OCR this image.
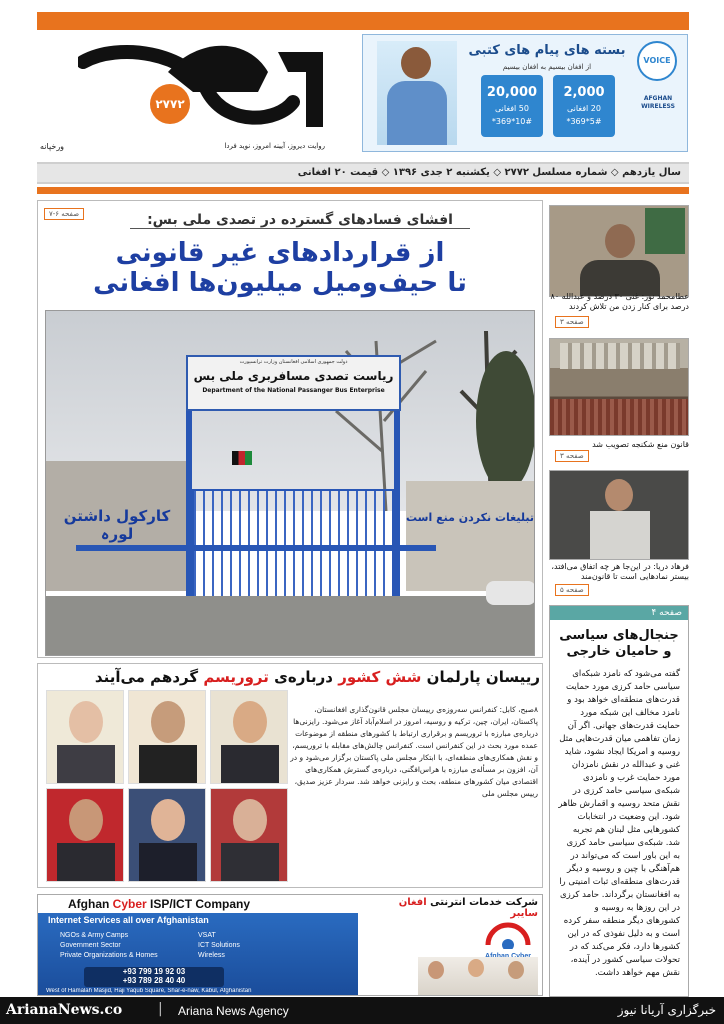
۲۷۷۲
روایت دیروز، آیینه امروز، نوید فردا
ورخپانه
بسته های پیام های کتبی
از افغان بیسیم به افغان بیسیم
20,000
50 افغانی
*369*10#
2,000
20 افغانی
*369*5#
VOICE
AFGHAN WIRELESS
سال یازدهم ◇ شماره مسلسل ۲۷۷۲ ◇ یکشنبه ۲ جدی ۱۳۹۶ ◇ قیمت ۲۰ افغانی
صفحه ۶-۷	افشای فسادهای گسترده در تصدی ملی بس:
از قراردادهای غیر قانونی
تا حیف‌ومیل میلیون‌ها افغانی
کارکول داشتن لورہ
تبلیغات نکردن منع است
دولت جمهوری اسلامی افغانستان وزارت ترانسپورت
ریاست تصدی مسافربری ملی بس
Department of the National Passanger Bus Enterprise
عطامحمد نور: غنی ۳۰ درصد و عبدالله ۸۰ درصد برای کنار زدن من تلاش کردند
صفحه ۳
قانون منع شکنجه تصویب شد
صفحه ۳
فرهاد دریا: در این‌جا هر چه اتفاق می‌افتد، بیستر نمادهایی است تا قانون‌مند
صفحه ۵
صفحه ۴
جنجال‌های سیاسی و حامیان خارجی
گفته می‌شود که نامزد شبکه‌ای سیاسی حامد کرزی مورد حمایت قدرت‌های منطقه‌ای خواهد بود و نامزد مخالف این شبکه مورد حمایت قدرت‌های جهانی. اگر آن زمان تفاهمی میان قدرت‌هایی مثل روسیه و امریکا ایجاد نشود، شاید غنی و عبدالله در نقش نامزدان مورد حمایت غرب و نامزدی شبکه‌ی سیاسی حامد کرزی در نقش متحد روسیه و اقمارش ظاهر شود. این وضعیت در انتخابات کشورهایی مثل لبنان هم تجربه شد. شبکه‌ی سیاسی حامد کرزی به این باور است که می‌تواند در هم‌آهنگی با چین و روسیه و دیگر قدرت‌های منطقه‌ای ثبات امنیتی را به افغانستان برگرداند. حامد کرزی در این روزها به روسیه و کشورهای دیگر منطقه سفر کرده است و به دلیل نفوذی که در این کشورها دارد، فکر می‌کند که در تحولات سیاسی کشور در آینده، نقش مهم خواهد داشت.
رییسان پارلمان شش کشور درباره‌ی تروریسم گردهم می‌آیند
۸صبح، کابل: کنفرانس سه‌روزه‌ی رییسان مجلس قانون‌گذاری افغانستان، پاکستان، ایران، چین، ترکیه و روسیه، امروز در اسلام‌آباد آغاز می‌شود. رایزنی‌ها درباره‌ی مبارزه با تروریسم و برقراری ارتباط با کشورهای منطقه از موضوعات عمده مورد بحث در این کنفرانس است. کنفرانس چالش‌های مقابله با تروریسم، و نقش همکاری‌های منطقه‌ای، با ابتکار مجلس ملی پاکستان برگزار می‌شود و در آن، افزون بر مسأله‌ی مبارزه با هراس‌افگنی، درباره‌ی گسترش همکاری‌های اقتصادی میان کشورهای منطقه، بحث و رایزنی خواهد شد. سردار عزیز صدیق، رییس مجلس ملی
Afghan Cyber ISP/ICT Company	شرکت خدمات انترنتی افغان سایبر
Internet Services all over Afghanistan
NGOs & Army Camps
Government Sector
Private Organizations & Homes
VSAT
ICT Solutions
Wireless
+93 799 19 92 03
+93 789 28 40 40
West of Hamalah Masjid, Haji Yaqub Square, Shar-e-naw, Kabul, Afghanistan
ArianaNews.co	| Ariana News Agency	خبرگزاری آریانا نیوز
